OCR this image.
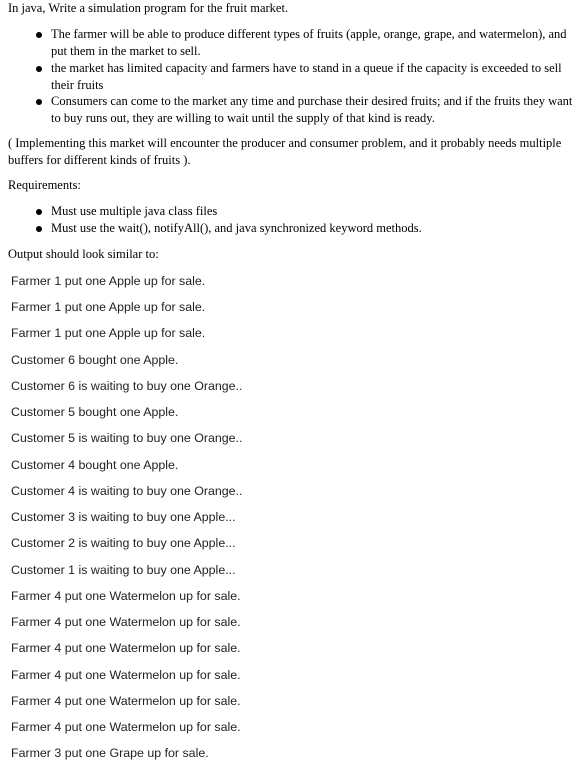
In java, Write a simulation program for the fruit market.
The farmer will be able to produce different types of fruits (apple, orange, grape, and watermelon), and put them in the market to sell.
the market has limited capacity and farmers have to stand in a queue if the capacity is exceeded to sell their fruits
Consumers can come to the market any time and purchase their desired fruits; and if the fruits they want to buy runs out, they are willing to wait until the supply of that kind is ready.
( Implementing this market will encounter the producer and consumer problem, and it probably needs multiple buffers for different kinds of fruits ).
Requirements:
Must use multiple java class files
Must use the wait(), notifyAll(), and java synchronized keyword methods.
Output should look similar to:
Farmer 1 put one Apple up for sale.
Farmer 1 put one Apple up for sale.
Farmer 1 put one Apple up for sale.
Customer 6 bought one Apple.
Customer 6 is waiting to buy one Orange..
Customer 5 bought one Apple.
Customer 5 is waiting to buy one Orange..
Customer 4 bought one Apple.
Customer 4 is waiting to buy one Orange..
Customer 3 is waiting to buy one Apple...
Customer 2 is waiting to buy one Apple...
Customer 1 is waiting to buy one Apple...
Farmer 4 put one Watermelon up for sale.
Farmer 4 put one Watermelon up for sale.
Farmer 4 put one Watermelon up for sale.
Farmer 4 put one Watermelon up for sale.
Farmer 4 put one Watermelon up for sale.
Farmer 4 put one Watermelon up for sale.
Farmer 3 put one Grape up for sale.
